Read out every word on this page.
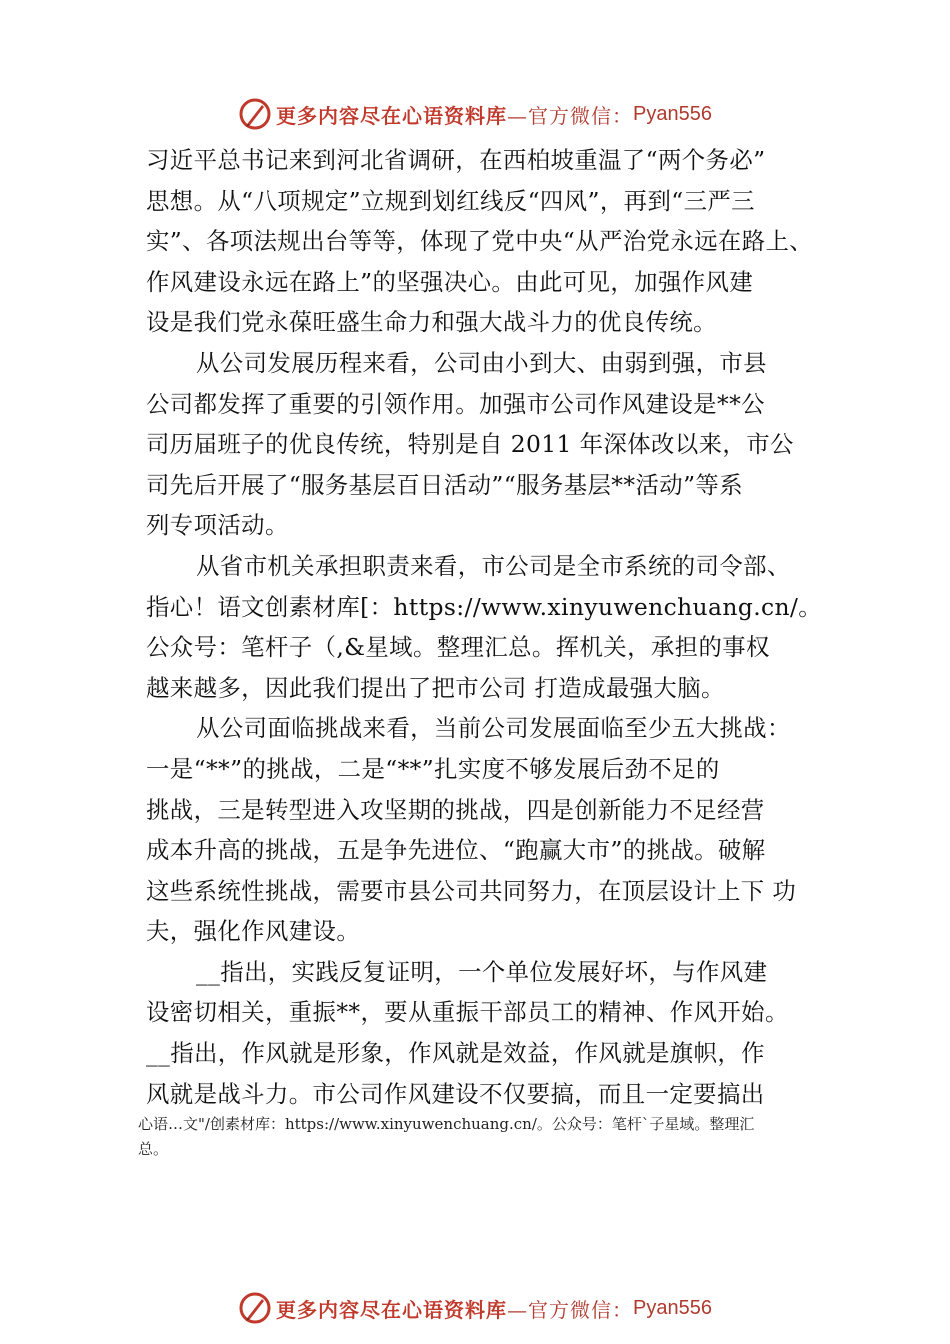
更多内容尽在心语资料库 —官方微信： Pyan556
习近平总书记来到河北省调研，在西柏坡重温了“两个务必”
思想。从“八项规定”立规到划红线反“四风”，再到“三严三
实”、各项法规出台等等，体现了党中央“从严治党永远在路上、
作风建设永远在路上”的坚强决心。由此可见，加强作风建
设是我们党永葆旺盛生命力和强大战斗力的优良传统。
从公司发展历程来看，公司由小到大、由弱到强，市县
公司都发挥了重要的引领作用。加强市公司作风建设是**公
司历届班子的优良传统，特别是自 2011 年深体改以来，市公
司先后开展了“服务基层百日活动”“服务基层**活动”等系
列专项活动。
从省市机关承担职责来看，市公司是全市系统的司令部、
指心！语文创素材库[：https://www.xinyuwenchuang.cn/。
公众号：笔杆子（,&星域。整理汇总。挥机关，承担的事权
越来越多，因此我们提出了把市公司 打造成最强大脑。
从公司面临挑战来看，当前公司发展面临至少五大挑战：
一是“**”的挑战，二是“**”扎实度不够发展后劲不足的
挑战，三是转型进入攻坚期的挑战，四是创新能力不足经营
成本升高的挑战，五是争先进位、“跑赢大市”的挑战。破解
这些系统性挑战，需要市县公司共同努力，在顶层设计上下 功
夫，强化作风建设。
__指出，实践反复证明，一个单位发展好坏，与作风建
设密切相关，重振**，要从重振干部员工的精神、作风开始。
__指出，作风就是形象，作风就是效益，作风就是旗帜，作
风就是战斗力。市公司作风建设不仅要搞，而且一定要搞出
心语…文"/创素材库：https://www.xinyuwenchuang.cn/。公众号：笔杆`子星域。整理汇
总。
更多内容尽在心语资料库 —官方微信： Pyan556
